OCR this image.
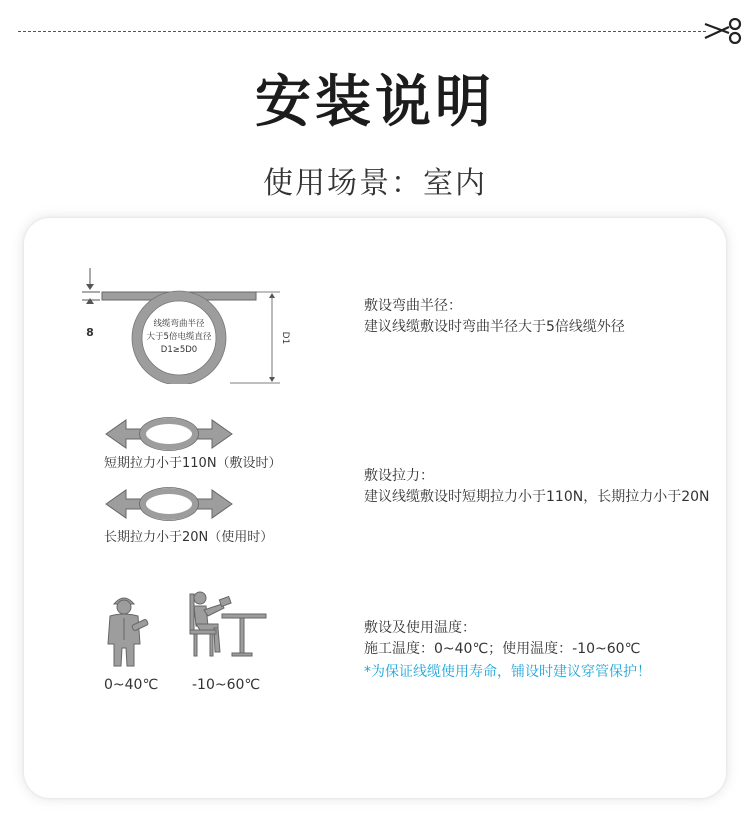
安装说明
使用场景：室内
8
线缆弯曲半径
大于5倍电缆直径
D1≥5D0
D1
敷设弯曲半径：
建议线缆敷设时弯曲半径大于5倍线缆外径
短期拉力小于110N（敷设时）
长期拉力小于20N（使用时）
敷设拉力：
建议线缆敷设时短期拉力小于110N，长期拉力小于20N
0~40℃ -10~60℃
敷设及使用温度：
施工温度：0~40℃；使用温度：-10~60℃
*为保证线缆使用寿命，铺设时建议穿管保护！
